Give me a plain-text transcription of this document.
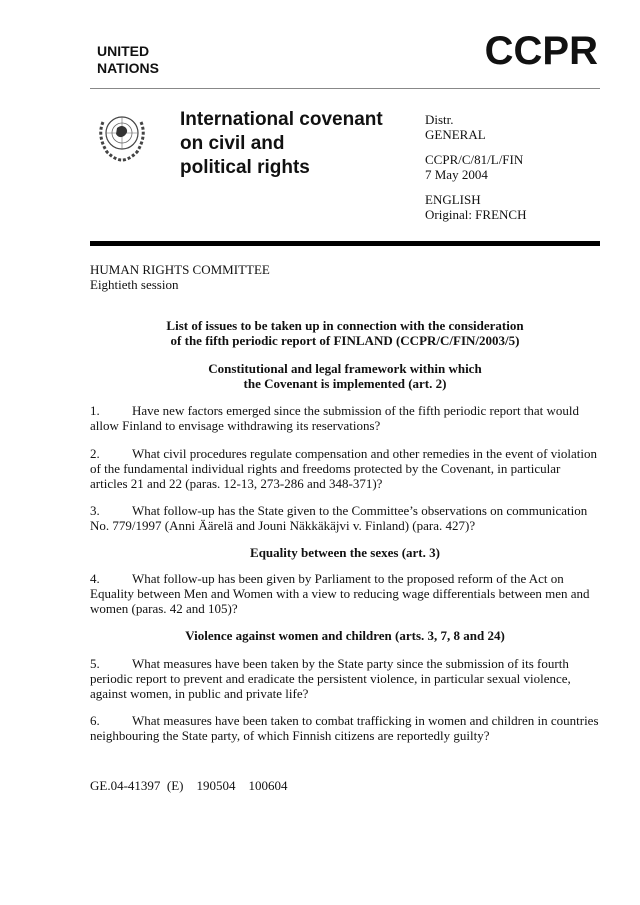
UNITED
NATIONS	CCPR
International covenant
on civil and
political rights
Distr.
GENERAL
CCPR/C/81/L/FIN
7 May 2004
ENGLISH
Original: FRENCH
HUMAN RIGHTS COMMITTEE
Eightieth session
List of issues to be taken up in connection with the consideration
of the fifth periodic report of FINLAND (CCPR/C/FIN/2003/5)
Constitutional and legal framework within which
the Covenant is implemented (art. 2)
1. Have new factors emerged since the submission of the fifth periodic report that would
allow Finland to envisage withdrawing its reservations?
2. What civil procedures regulate compensation and other remedies in the event of violation
of the fundamental individual rights and freedoms protected by the Covenant, in particular
articles 21 and 22 (paras. 12-13, 273-286 and 348-371)?
3. What follow-up has the State given to the Committee’s observations on communication
No. 779/1997 (Anni Äärelä and Jouni Näkkäkäjvi v. Finland) (para. 427)?
Equality between the sexes (art. 3)
4. What follow-up has been given by Parliament to the proposed reform of the Act on
Equality between Men and Women with a view to reducing wage differentials between men and
women (paras. 42 and 105)?
Violence against women and children (arts. 3, 7, 8 and 24)
5. What measures have been taken by the State party since the submission of its fourth
periodic report to prevent and eradicate the persistent violence, in particular sexual violence,
against women, in public and private life?
6. What measures have been taken to combat trafficking in women and children in countries
neighbouring the State party, of which Finnish citizens are reportedly guilty?
GE.04-41397  (E)    190504    100604
